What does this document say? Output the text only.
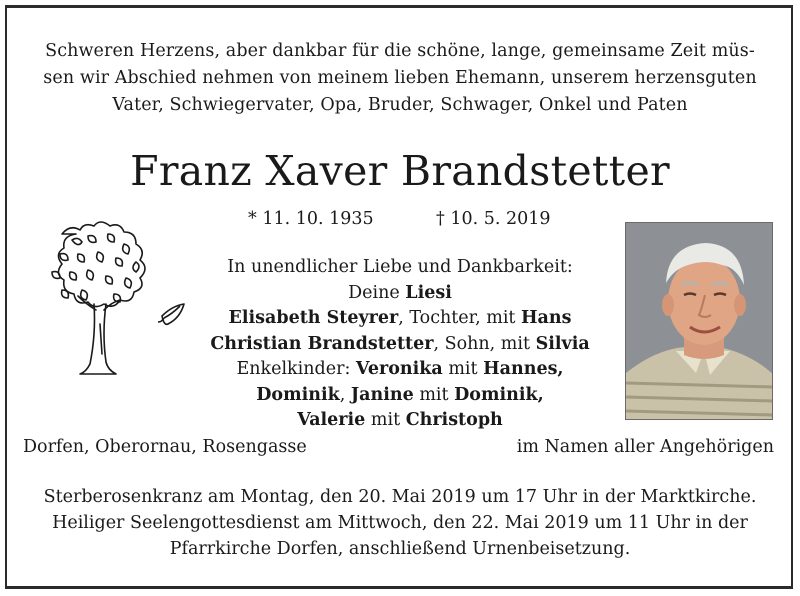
Schweren Herzens, aber dankbar für die schöne, lange, gemeinsame Zeit müs-
sen wir Abschied nehmen von meinem lieben Ehemann, unserem herzensguten
Vater, Schwiegervater, Opa, Bruder, Schwager, Onkel und Paten
Franz Xaver Brandstetter
* 11. 10. 1935	† 10. 5. 2019
In unendlicher Liebe und Dankbarkeit:
Deine Liesi
Elisabeth Steyrer, Tochter, mit Hans
Christian Brandstetter, Sohn, mit Silvia
Enkelkinder: Veronika mit Hannes,
Dominik, Janine mit Dominik,
Valerie mit Christoph
Dorfen, Oberornau, Rosengasse	im Namen aller Angehörigen
Sterberosenkranz am Montag, den 20. Mai 2019 um 17 Uhr in der Marktkirche.
Heiliger Seelengottesdienst am Mittwoch, den 22. Mai 2019 um 11 Uhr in der
Pfarrkirche Dorfen, anschließend Urnenbeisetzung.
